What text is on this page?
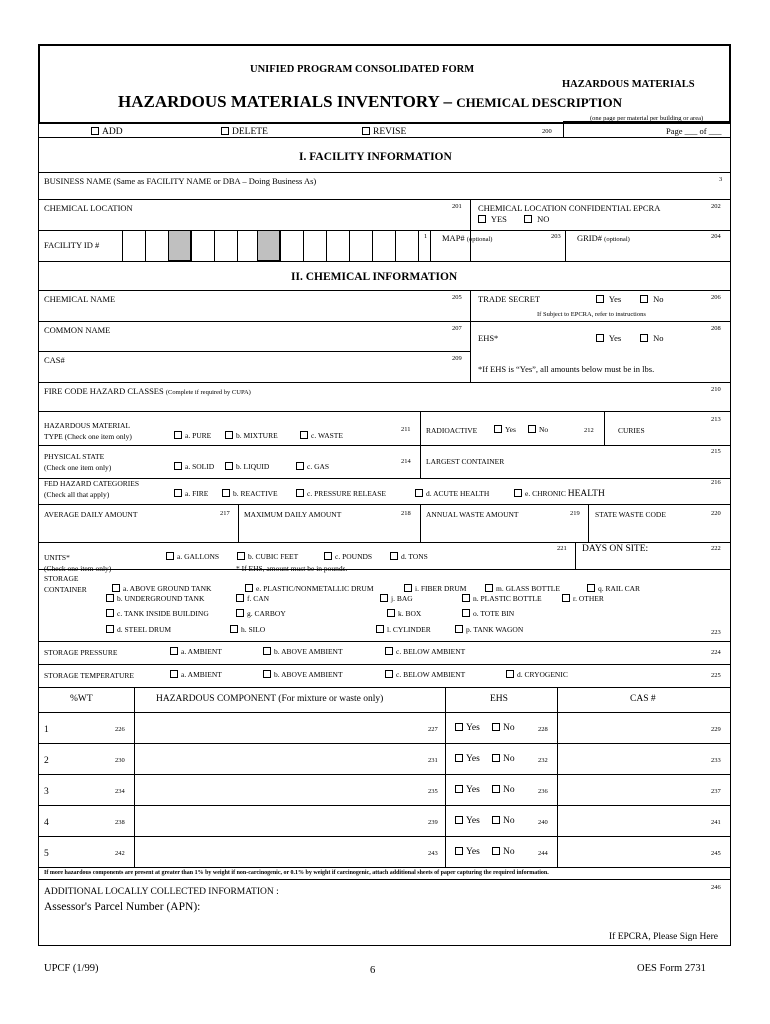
UNIFIED PROGRAM CONSOLIDATED FORM
HAZARDOUS MATERIALS
HAZARDOUS MATERIALS INVENTORY – CHEMICAL DESCRIPTION
(one page per material per building or area)
ADD	DELETE	REVISE	200	Page ___ of ___
I. FACILITY INFORMATION
BUSINESS NAME (Same as FACILITY NAME or DBA – Doing Business As)	3
CHEMICAL LOCATION	201 CHEMICAL LOCATION CONFIDENTIAL EPCRA	202
YES	NO
FACILITY ID #
1 MAP# (optional)	203 GRID# (optional)	204
II. CHEMICAL INFORMATION
CHEMICAL NAME	205 TRADE SECRET	Yes	No	206
If Subject to EPCRA, refer to instructions
COMMON NAME	207
EHS*	Yes	No
208
CAS#	209
*If EHS is “Yes”, all amounts below must be in lbs.
FIRE CODE HAZARD CLASSES (Complete if required by CUPA)	210
HAZARDOUS MATERIAL
TYPE (Check one item only)	a. PURE	b. MIXTURE	c. WASTE
211 RADIOACTIVE	Yes	No	212	CURIES
213
PHYSICAL STATE
(Check one item only)	a. SOLID	b. LIQUID	c. GAS
214 LARGEST CONTAINER
215
FED HAZARD CATEGORIES
(Check all that apply)	a. FIRE	b. REACTIVE	c. PRESSURE RELEASE	d. ACUTE HEALTH	e. CHRONIC HEALTH
216
AVERAGE DAILY AMOUNT	217 MAXIMUM DAILY AMOUNT	218 ANNUAL WASTE AMOUNT	219 STATE WASTE CODE	220
UNITS*
(Check one item only)
a. GALLONS	b. CUBIC FEET	c. POUNDS	d. TONS
* If EHS, amount must be in pounds.
221 DAYS ON SITE:	222
STORAGE
CONTAINER	a. ABOVE GROUND TANK
b. UNDERGROUND TANK
c. TANK INSIDE BUILDING
d. STEEL DRUM
e. PLASTIC/NONMETALLIC DRUM
f. CAN
g. CARBOY
h. SILO
i. FIBER DRUM
j. BAG
k. BOX
l. CYLINDER
m. GLASS BOTTLE
n. PLASTIC BOTTLE
o. TOTE BIN
p. TANK WAGON
q. RAIL CAR
r. OTHER
223
STORAGE PRESSURE	a. AMBIENT	b. ABOVE AMBIENT	c. BELOW AMBIENT	224
STORAGE TEMPERATURE	a. AMBIENT	b. ABOVE AMBIENT	c. BELOW AMBIENT	d. CRYOGENIC	225
%WT	HAZARDOUS COMPONENT (For mixture or waste only)	EHS	CAS #
1	226	227	Yes	No	228	229
2	230	231	Yes	No	232	233
3	234	235	Yes	No	236	237
4	238	239	Yes	No	240	241
5	242	243	Yes	No	244	245
If more hazardous components are present at greater than 1% by weight if non-carcinogenic, or 0.1% by weight if carcinogenic, attach additional sheets of paper capturing the required information.
ADDITIONAL LOCALLY COLLECTED INFORMATION :	246
Assessor's Parcel Number (APN):
If EPCRA, Please Sign Here
UPCF (1/99)	6	OES Form 2731
